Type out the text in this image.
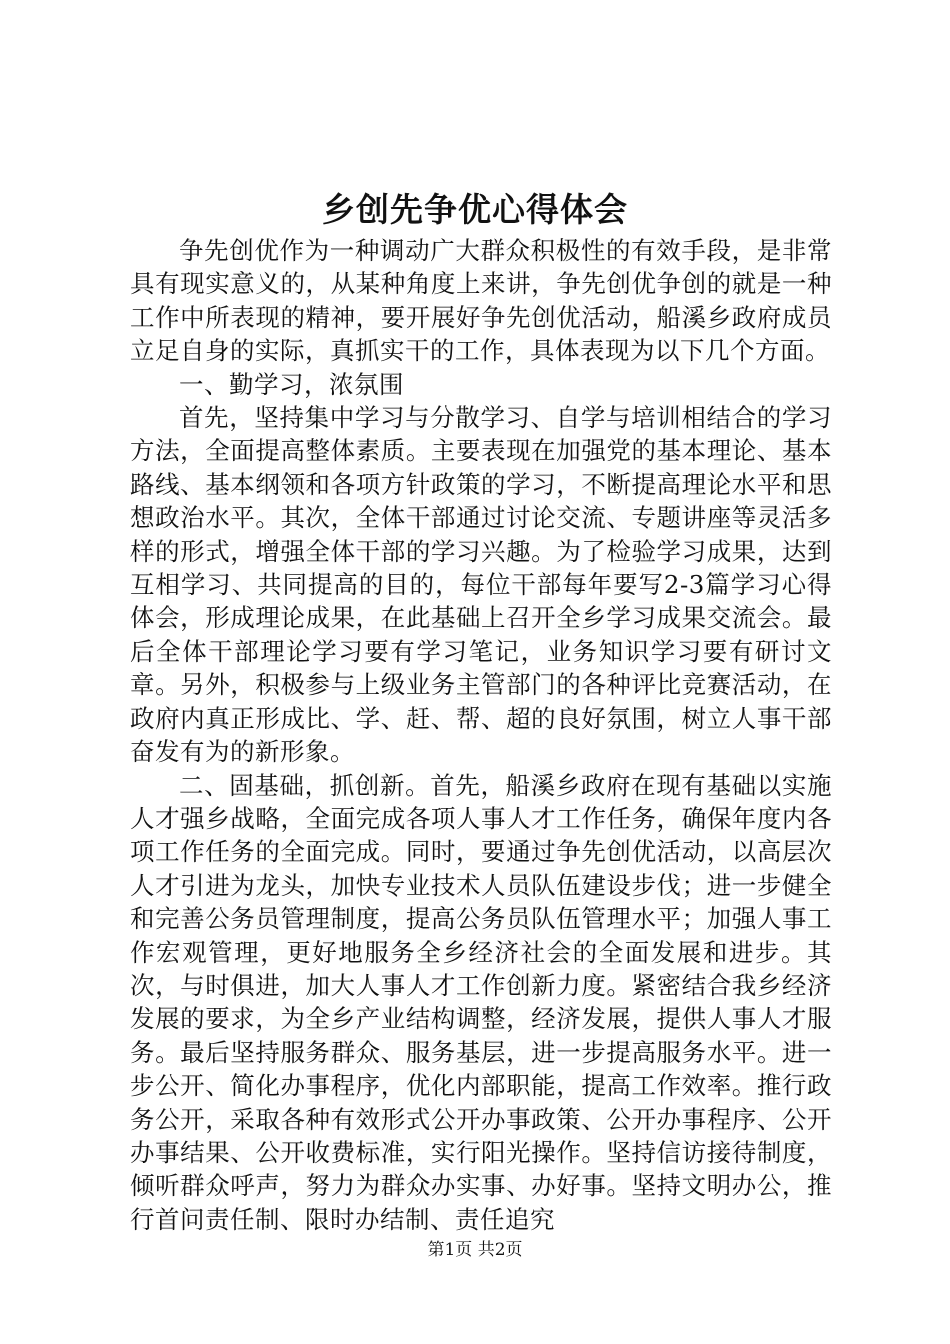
乡创先争优心得体会

争先创优作为一种调动广大群众积极性的有效手段，是非常具有现实意义的，从某种角度上来讲，争先创优争创的就是一种工作中所表现的精神，要开展好争先创优活动，船溪乡政府成员立足自身的实际，真抓实干的工作，具体表现为以下几个方面。

一、勤学习，浓氛围

首先，坚持集中学习与分散学习、自学与培训相结合的学习方法，全面提高整体素质。主要表现在加强党的基本理论、基本路线、基本纲领和各项方针政策的学习，不断提高理论水平和思想政治水平。其次，全体干部通过讨论交流、专题讲座等灵活多样的形式，增强全体干部的学习兴趣。为了检验学习成果，达到互相学习、共同提高的目的，每位干部每年要写2-3篇学习心得体会，形成理论成果，在此基础上召开全乡学习成果交流会。最后全体干部理论学习要有学习笔记，业务知识学习要有研讨文章。另外，积极参与上级业务主管部门的各种评比竞赛活动，在政府内真正形成比、学、赶、帮、超的良好氛围，树立人事干部奋发有为的新形象。

二、固基础，抓创新。首先，船溪乡政府在现有基础以实施人才强乡战略，全面完成各项人事人才工作任务，确保年度内各项工作任务的全面完成。同时，要通过争先创优活动，以高层次人才引进为龙头，加快专业技术人员队伍建设步伐；进一步健全和完善公务员管理制度，提高公务员队伍管理水平；加强人事工作宏观管理，更好地服务全乡经济社会的全面发展和进步。其次，与时俱进，加大人事人才工作创新力度。紧密结合我乡经济发展的要求，为全乡产业结构调整，经济发展，提供人事人才服务。最后坚持服务群众、服务基层，进一步提高服务水平。进一步公开、简化办事程序，优化内部职能，提高工作效率。推行政务公开，采取各种有效形式公开办事政策、公开办事程序、公开办事结果、公开收费标准，实行阳光操作。坚持信访接待制度，倾听群众呼声，努力为群众办实事、办好事。坚持文明办公，推行首问责任制、限时办结制、责任追究

第1页 共2页
